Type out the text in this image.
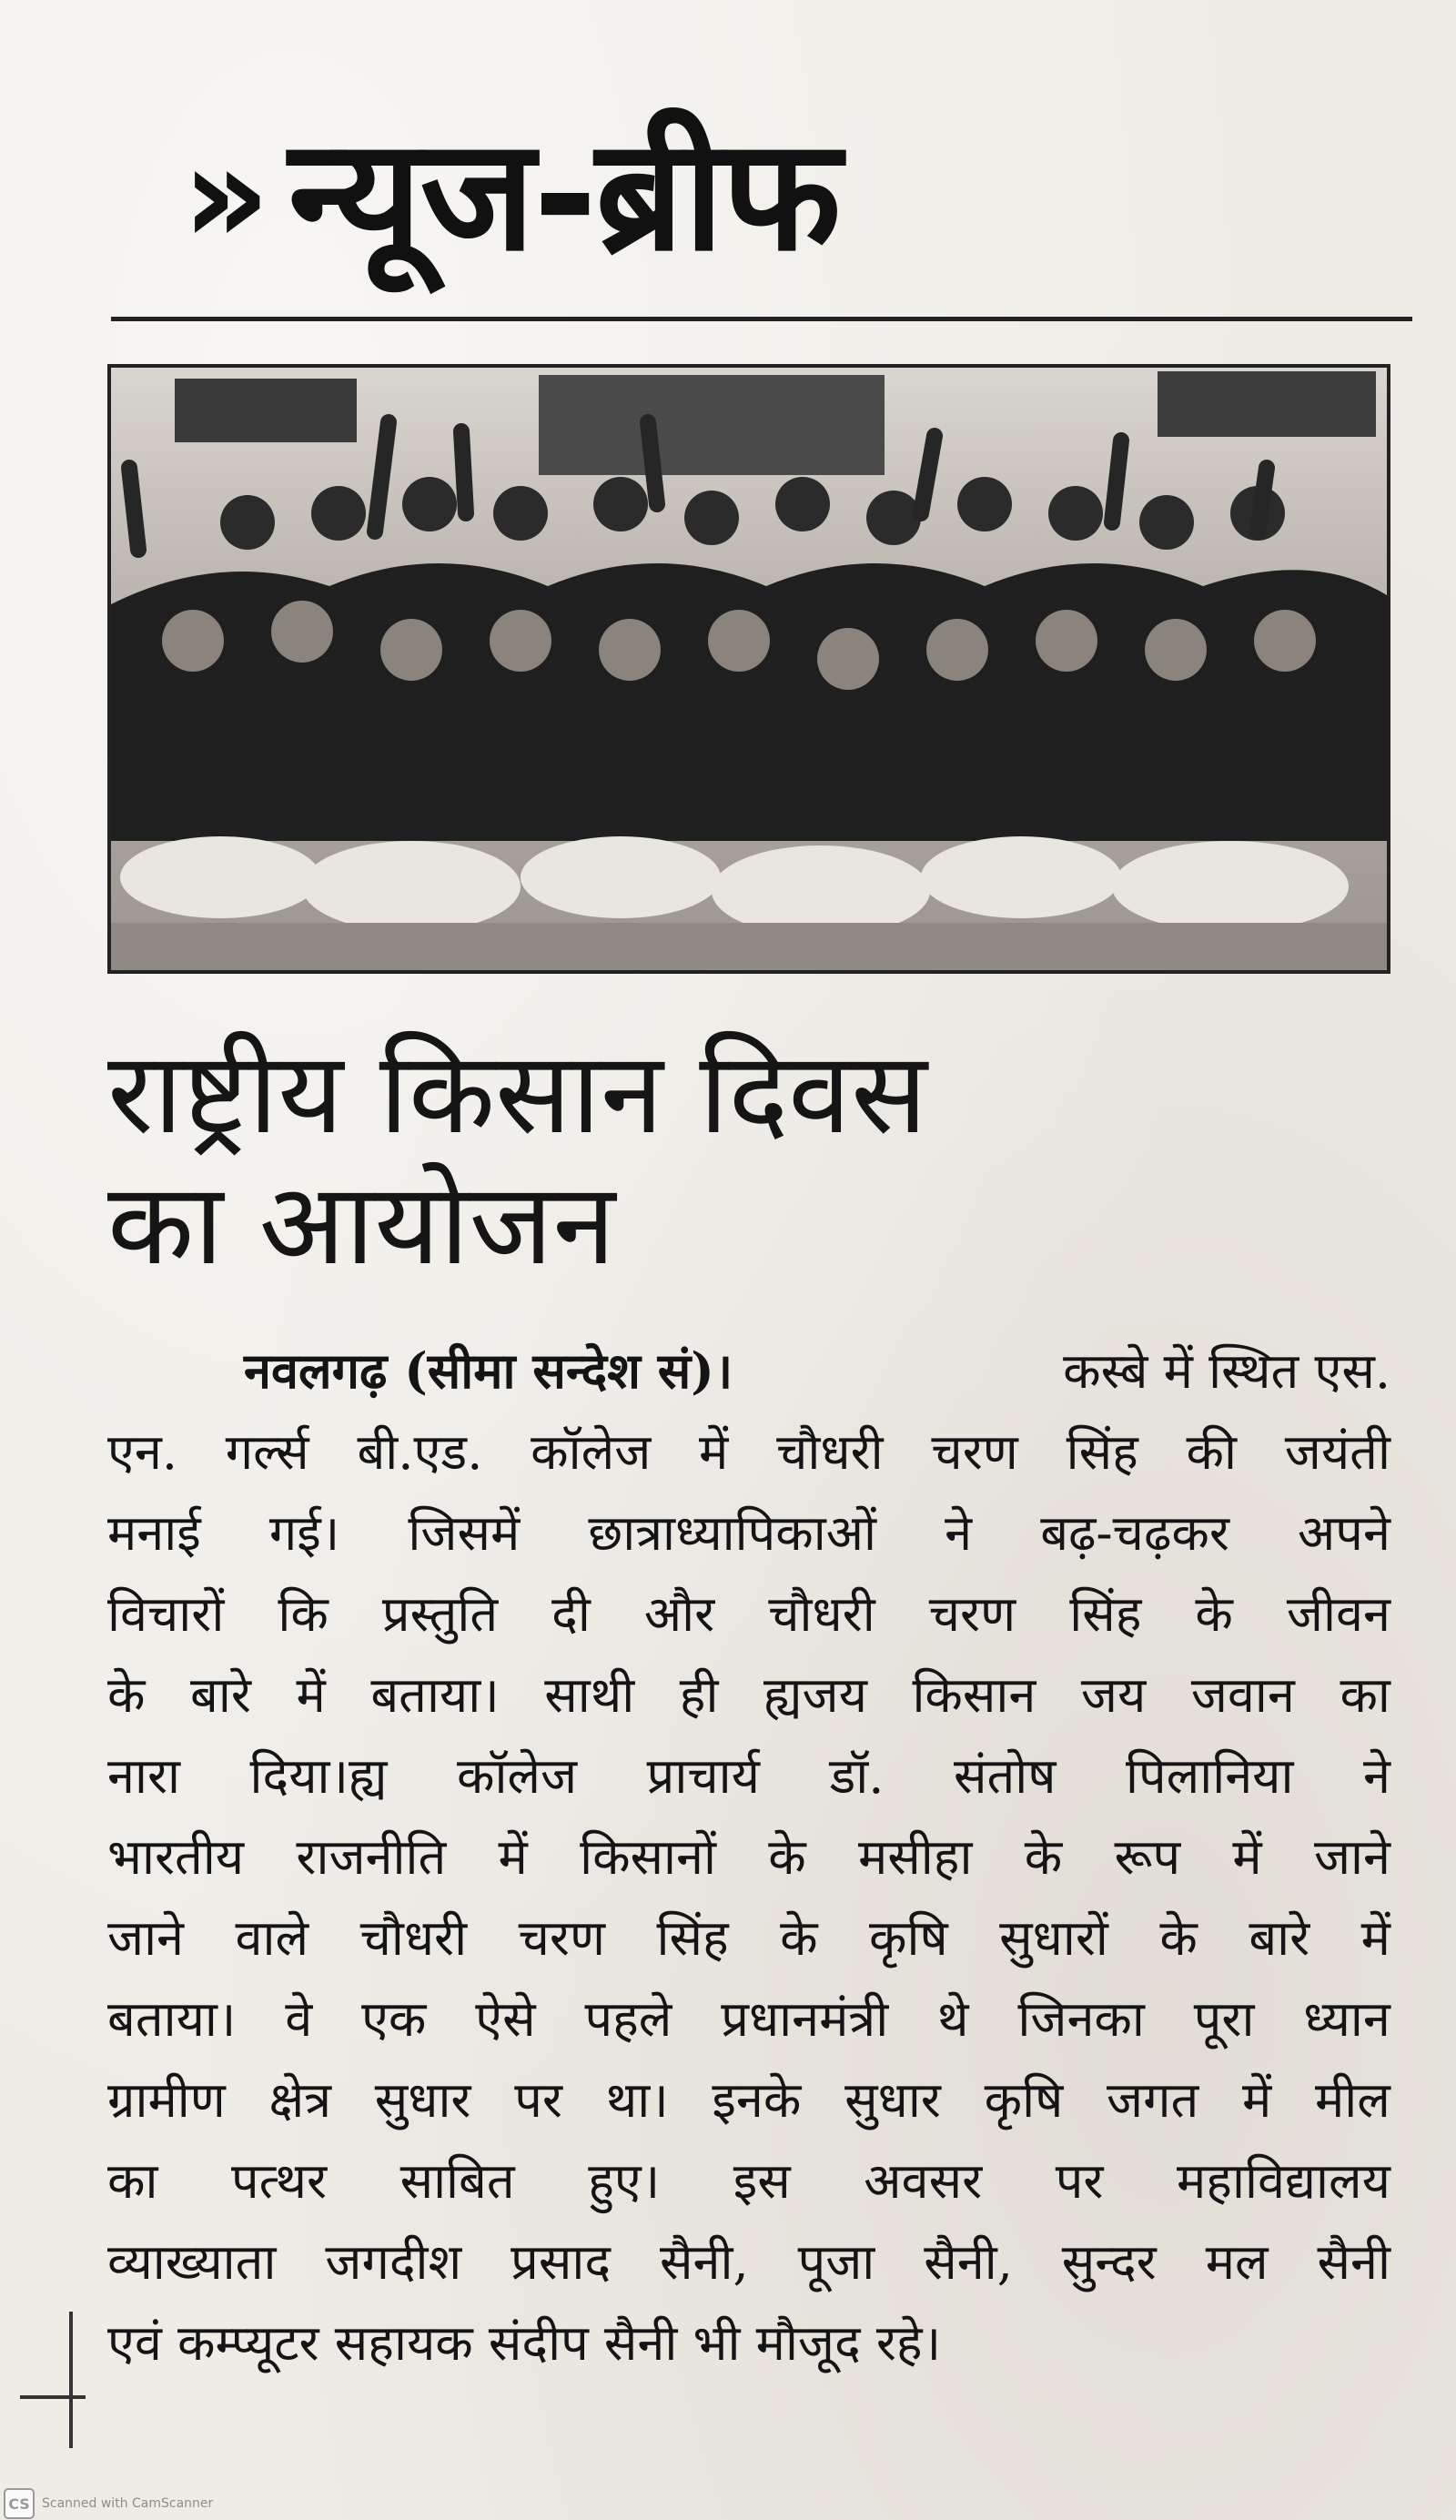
» न्यूज-ब्रीफ
राष्ट्रीय किसान दिवस
का आयोजन
नवलगढ़ (सीमा सन्देश सं)।	कस्बे में स्थित एस.
एन. गर्ल्स बी.एड. कॉलेज में चौधरी चरण सिंह की जयंती
मनाई गई। जिसमें छात्राध्यापिकाओं ने बढ़-चढ़कर अपने
विचारों कि प्रस्तुति दी और चौधरी चरण सिंह के जीवन
के बारे में बताया। साथी ही ह्यजय किसान जय जवान का
नारा दिया।ह्य कॉलेज प्राचार्य डॉ. संतोष पिलानिया ने
भारतीय राजनीति में किसानों के मसीहा के रूप में जाने
जाने वाले चौधरी चरण सिंह के कृषि सुधारों के बारे में
बताया। वे एक ऐसे पहले प्रधानमंत्री थे जिनका पूरा ध्यान
ग्रामीण क्षेत्र सुधार पर था। इनके सुधार कृषि जगत में मील
का पत्थर साबित हुए। इस अवसर पर महाविद्यालय
व्याख्याता जगदीश प्रसाद सैनी, पूजा सैनी, सुन्दर मल सैनी
एवं कम्प्यूटर सहायक संदीप सैनी भी मौजूद रहे।
CS Scanned with CamScanner
